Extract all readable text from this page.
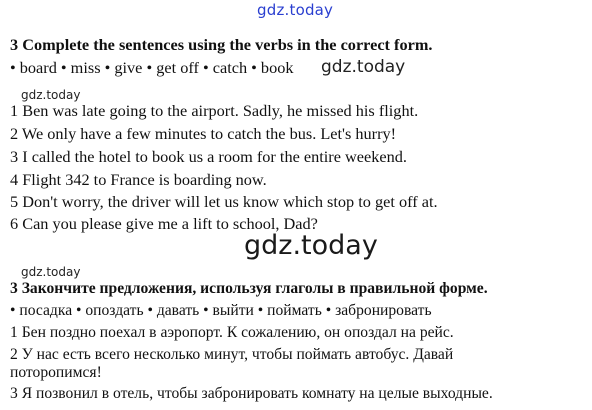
gdz.today
3 Complete the sentences using the verbs in the correct form.
• board • miss • give • get off • catch • book gdz.today
gdz.today
1 Ben was late going to the airport. Sadly, he missed his flight.
2 We only have a few minutes to catch the bus. Let's hurry!
3 I called the hotel to book us a room for the entire weekend.
4 Flight 342 to France is boarding now.
5 Don't worry, the driver will let us know which stop to get off at.
6 Can you please give me a lift to school, Dad?
gdz.today
gdz.today
3 Закончите предложения, используя глаголы в правильной форме.
• посадка • опоздать • давать • выйти • поймать • забронировать
1 Бен поздно поехал в аэропорт. К сожалению, он опоздал на рейс.
2 У нас есть всего несколько минут, чтобы поймать автобус. Давай
поторопимся!
3 Я позвонил в отель, чтобы забронировать комнату на целые выходные.
